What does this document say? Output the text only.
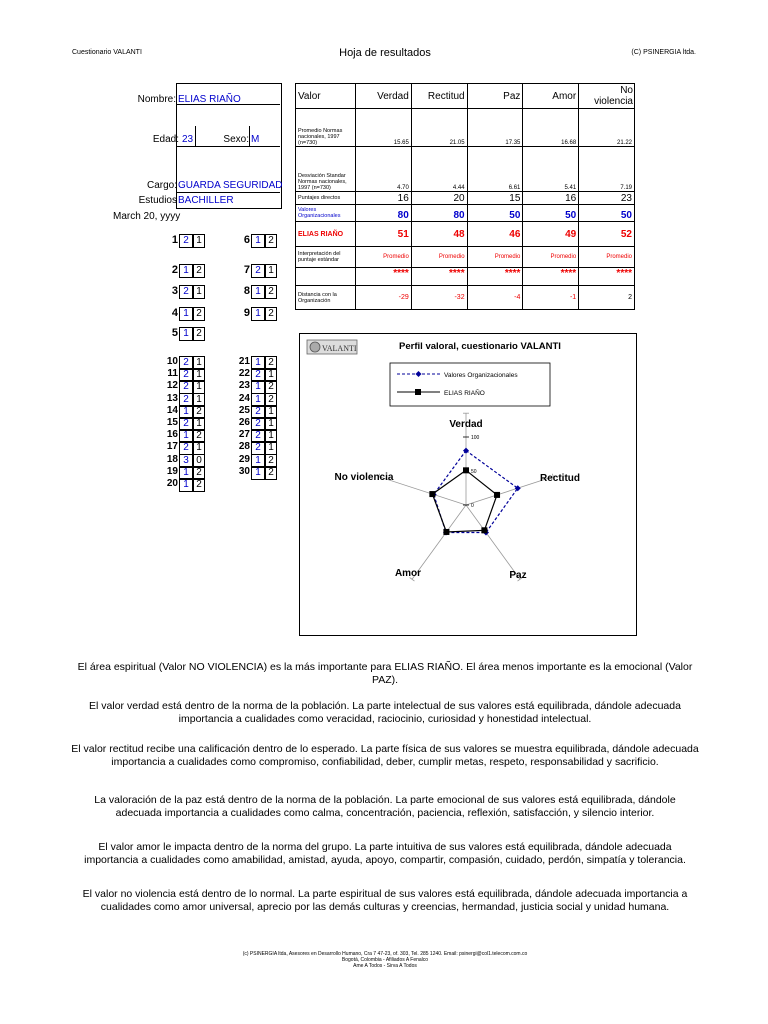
Cuestionario VALANTI	Hoja de resultados	(C) PSINERGIA ltda.
Nombre: ELIAS RIAÑO
Edad: 23	Sexo: M
Cargo: GUARDA SEGURIDAD
Estudios BACHILLER
March 20, yyyy
Valor	Verdad	Rectitud	Paz	Amor	No violencia
Promedio Normas nacionales, 1997 (n=730)	15.65	21.05	17.35	16.68	21.22
Desviación Standar Normas nacionales, 1997 (n=730)	4.70	4.44	6.61	5.41	7.19
Puntajes directos	16	20	15	16	23
Valores Organizacionales	80	80	50	50	50
ELIAS RIAÑO	51	48	46	49	52
Interpretación del puntaje estándar	Promedio	Promedio	Promedio	Promedio	Promedio
	****	****	****	****	****
Distancia con la Organización	-29	-32	-4	-1	2
1 2 1
2 1 2
3 2 1
4 1 2
5 1 2
6 1 2
7 2 1
8 1 2
9 1 2
10 2 1
11 2 1
12 2 1
13 2 1
14 1 2
15 2 1
16 1 2
17 2 1
18 3 0
19 1 2
20 1 2
21 1 2
22 2 1
23 1 2
24 1 2
25 2 1
26 2 1
27 2 1
28 2 1
29 1 2
30 1 2
VALANTI	Perfil valoral, cuestionario VALANTI
Valores Organizacionales
ELIAS RIAÑO
100
50
0
Verdad
Rectitud
Paz
Amor
No violencia
El área espiritual (Valor NO VIOLENCIA) es la más importante para ELIAS RIAÑO. El área menos importante es la emocional (Valor PAZ).
El valor verdad está dentro de la norma de la población. La parte intelectual de sus valores está equilibrada, dándole adecuada importancia a cualidades como veracidad, raciocinio, curiosidad y honestidad intelectual.
El valor rectitud recibe una calificación dentro de lo esperado. La parte física de sus valores se muestra equilibrada, dándole adecuada importancia a cualidades como compromiso, confiabilidad, deber, cumplir metas, respeto, responsabilidad y sacrificio.
La valoración de la paz está dentro de la norma de la población. La parte emocional de sus valores está equilibrada, dándole adecuada importancia a cualidades como calma, concentración, paciencia, reflexión, satisfacción, y silencio interior.
El valor amor le impacta dentro de la norma del grupo. La parte intuitiva de sus valores está equilibrada, dándole adecuada importancia a cualidades como amabilidad, amistad, ayuda, apoyo, compartir, compasión, cuidado, perdón, simpatía y tolerancia.
El valor no violencia está dentro de lo normal. La parte espiritual de sus valores está equilibrada, dándole adecuada importancia a cualidades como amor universal, aprecio por las demás culturas y creencias, hermandad, justicia social y unidad humana.
(c) PSINERGIA ltda, Asesores en Desarrollo Humano, Cra 7 47-23, of. 303, Tel. 285 1240. Email: psinergi@col1.telecom.com.co
Bogotá, Colombia - Afiliados A Fenalco
Ame A Todos - Sirva A Todos
